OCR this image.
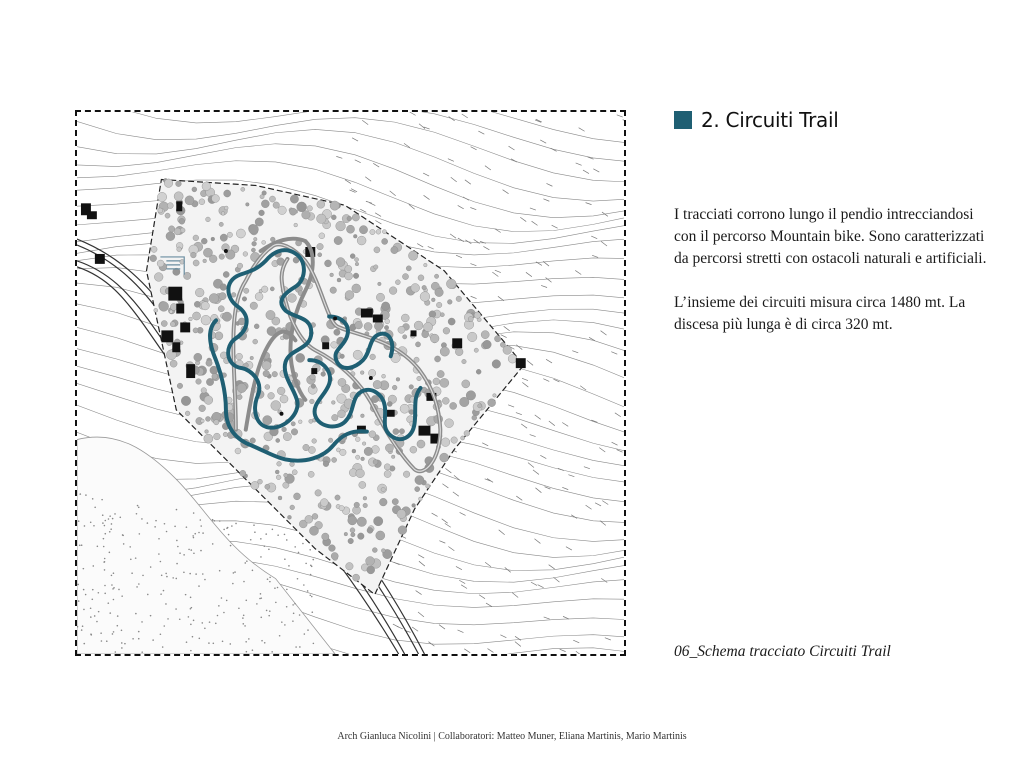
2. Circuiti Trail

I tracciati corrono lungo il pendio intrecciandosi con il percorso Mountain bike. Sono caratterizzati da percorsi stretti con ostacoli naturali e artificiali.

L’insieme dei circuiti misura circa 1480 mt. La discesa più lunga è di circa 320 mt.

06_Schema tracciato Circuiti Trail
Arch Gianluca Nicolini | Collaboratori: Matteo Muner, Eliana Martinis, Mario Martinis
